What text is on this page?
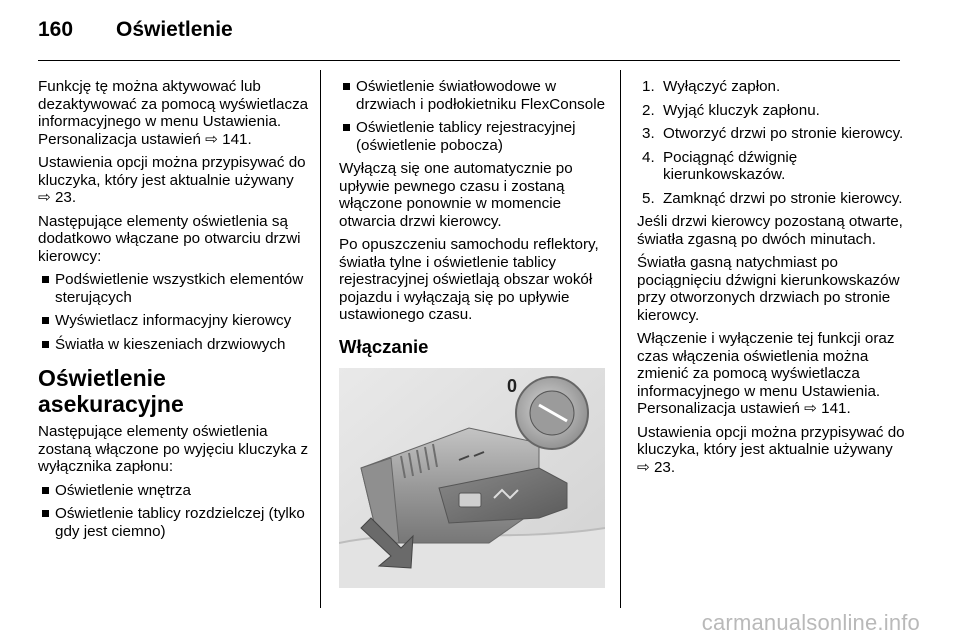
160 Oświetlenie

Funkcję tę można aktywować lub dezaktywować za pomocą wyświetlacza informacyjnego w menu Ustawienia. Personalizacja ustawień ⇨ 141.

Ustawienia opcji można przypisywać do kluczyka, który jest aktualnie używany ⇨ 23.

Następujące elementy oświetlenia są dodatkowo włączane po otwarciu drzwi kierowcy:

Podświetlenie wszystkich elementów sterujących
Wyświetlacz informacyjny kierowcy
Światła w kieszeniach drzwiowych
Oświetlenie asekuracyjne

Następujące elementy oświetlenia zostaną włączone po wyjęciu kluczyka z wyłącznika zapłonu:

Oświetlenie wnętrza
Oświetlenie tablicy rozdzielczej (tylko gdy jest ciemno)
Oświetlenie światłowodowe w drzwiach i podłokietniku FlexConsole
Oświetlenie tablicy rejestracyjnej (oświetlenie pobocza)

Wyłączą się one automatycznie po upływie pewnego czasu i zostaną włączone ponownie w momencie otwarcia drzwi kierowcy.

Po opuszczeniu samochodu reflektory, światła tylne i oświetlenie tablicy rejestracyjnej oświetlają obszar wokół pojazdu i wyłączają się po upływie ustawionego czasu.

Włączanie
0
1. Wyłączyć zapłon.
2. Wyjąć kluczyk zapłonu.
3. Otworzyć drzwi po stronie kierowcy.
4. Pociągnąć dźwignię kierunkowskazów.
5. Zamknąć drzwi po stronie kierowcy.

Jeśli drzwi kierowcy pozostaną otwarte, światła zgasną po dwóch minutach.

Światła gasną natychmiast po pociągnięciu dźwigni kierunkowskazów przy otworzonych drzwiach po stronie kierowcy.

Włączenie i wyłączenie tej funkcji oraz czas włączenia oświetlenia można zmienić za pomocą wyświetlacza informacyjnego w menu Ustawienia. Personalizacja ustawień ⇨ 141.

Ustawienia opcji można przypisywać do kluczyka, który jest aktualnie używany ⇨ 23.

carmanualsonline.info
